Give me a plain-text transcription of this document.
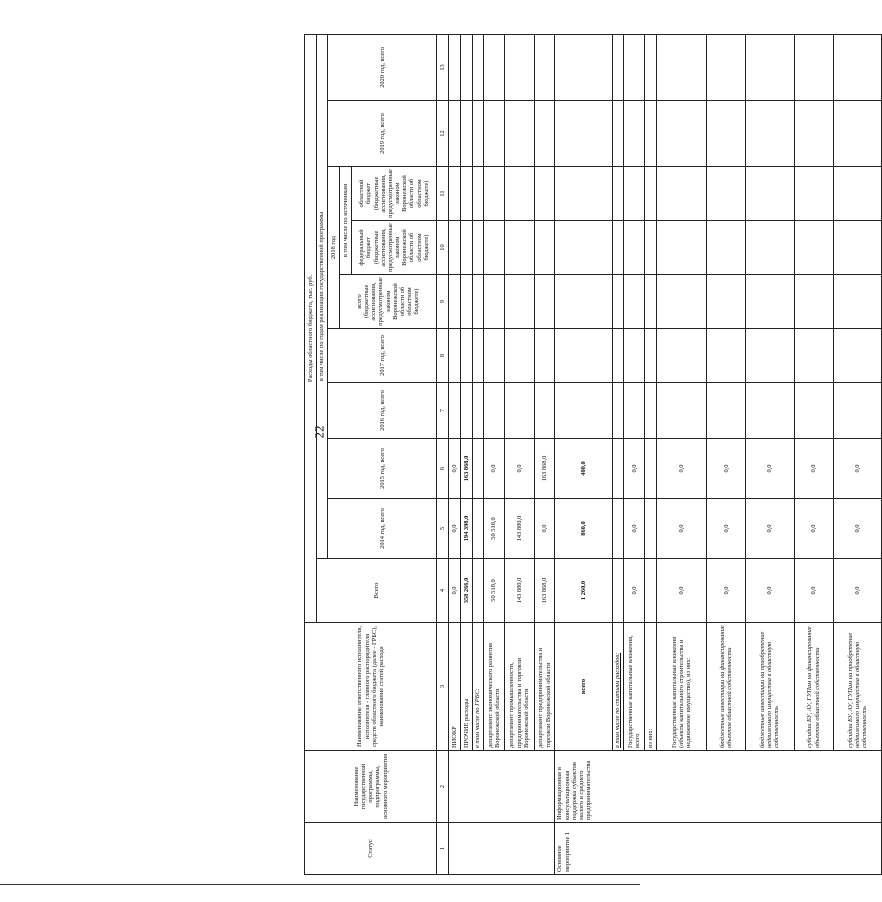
22
Статус	Наименование государственной программы, подпрограммы, основного мероприятия	Наименование ответственного исполнителя, исполнителя - главного распорядителя средств областного бюджета (далее - ГРБС), наименование статей расхода	Расходы областного бюджета, тыс. руб.									
			Всего	в том числе по годам реализации государственной программы								
				2014 год, всего	2015 год, всего	2016 год, всего	2017 год, всего	2018 год			2019 год, всего	2020 год, всего
								всего (бюджетные ассигнования, предусмотренные законом Воронежской области об областном бюджете)	в том числе по источникам			
									федеральный бюджет (бюджетные ассигнования, предусмотренные законом Воронежской области об областном бюджете)	областной бюджет (бюджетные ассигнования, предусмотренные законом Воронежской области об областном бюджете)		
1	2	3	4	5	6	7	8	9	10	11	12	13
		НИОКР	0,0	0,0	0,0							
		ПРОЧИЕ расходы	358 266,0	194 398,0	163 868,0							
		в том числе по ГРБС:										
		департамент экономического развития Воронежской области	50 518,0	50 518,0	0,0							
		департамент промышленности, предпринимательства и торговли Воронежской области	143 880,0	143 880,0	0,0							
		департамент предпринимательства и торговли Воронежской области	163 868,0	0,0	163 868,0							
Основное мероприятие 1	Информационная и консультационная поддержка субъектов малого и среднего предпринимательства	всего	1 260,0	860,0	400,0							
		в том числе по статьям расходов:										
		Государственные капитальные вложения, всего	0,0	0,0	0,0							
		из них:										
		Государственные капитальные вложения (объекты капитального строительства и недвижимое имущество), из них:	0,0	0,0	0,0							
		бюджетные инвестиции на финансирование объектов областной собственности	0,0	0,0	0,0							
		бюджетные инвестиции на приобретение недвижимого имущества в областную собственность	0,0	0,0	0,0							
		субсидии БУ, АУ, ГУПам на финансирование объектов областной собственности	0,0	0,0	0,0							
		субсидии БУ, АУ, ГУПам на приобретение недвижимого имущества в областную собственность	0,0	0,0	0,0							
